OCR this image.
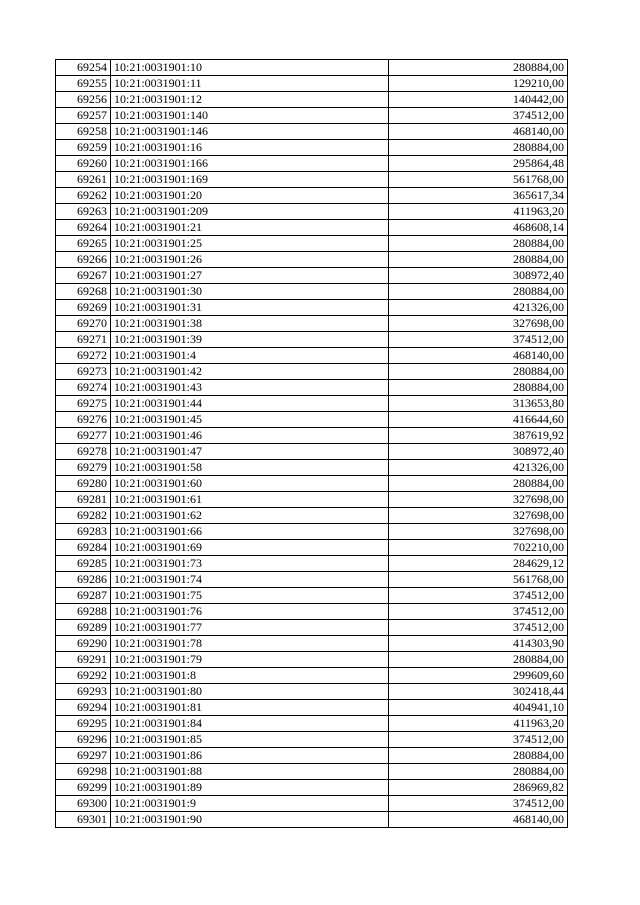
69254	10:21:0031901:10	280884,00
69255	10:21:0031901:11	129210,00
69256	10:21:0031901:12	140442,00
69257	10:21:0031901:140	374512,00
69258	10:21:0031901:146	468140,00
69259	10:21:0031901:16	280884,00
69260	10:21:0031901:166	295864,48
69261	10:21:0031901:169	561768,00
69262	10:21:0031901:20	365617,34
69263	10:21:0031901:209	411963,20
69264	10:21:0031901:21	468608,14
69265	10:21:0031901:25	280884,00
69266	10:21:0031901:26	280884,00
69267	10:21:0031901:27	308972,40
69268	10:21:0031901:30	280884,00
69269	10:21:0031901:31	421326,00
69270	10:21:0031901:38	327698,00
69271	10:21:0031901:39	374512,00
69272	10:21:0031901:4	468140,00
69273	10:21:0031901:42	280884,00
69274	10:21:0031901:43	280884,00
69275	10:21:0031901:44	313653,80
69276	10:21:0031901:45	416644,60
69277	10:21:0031901:46	387619,92
69278	10:21:0031901:47	308972,40
69279	10:21:0031901:58	421326,00
69280	10:21:0031901:60	280884,00
69281	10:21:0031901:61	327698,00
69282	10:21:0031901:62	327698,00
69283	10:21:0031901:66	327698,00
69284	10:21:0031901:69	702210,00
69285	10:21:0031901:73	284629,12
69286	10:21:0031901:74	561768,00
69287	10:21:0031901:75	374512,00
69288	10:21:0031901:76	374512,00
69289	10:21:0031901:77	374512,00
69290	10:21:0031901:78	414303,90
69291	10:21:0031901:79	280884,00
69292	10:21:0031901:8	299609,60
69293	10:21:0031901:80	302418,44
69294	10:21:0031901:81	404941,10
69295	10:21:0031901:84	411963,20
69296	10:21:0031901:85	374512,00
69297	10:21:0031901:86	280884,00
69298	10:21:0031901:88	280884,00
69299	10:21:0031901:89	286969,82
69300	10:21:0031901:9	374512,00
69301	10:21:0031901:90	468140,00
